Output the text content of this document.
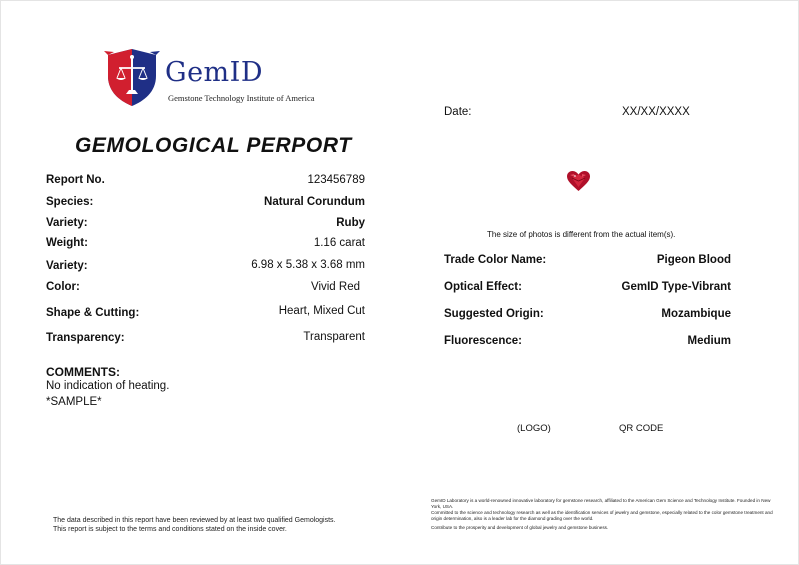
GemID
Gemstone Technology Institute of America
GEMOLOGICAL PERPORT
Report No.	123456789
Species:	Natural Corundum
Variety:	Ruby
Weight:	1.16 carat
Variety:	6.98 x 5.38 x 3.68 mm
Color:	Vivid Red
Shape & Cutting:	Heart, Mixed Cut
Transparency:	Transparent
COMMENTS:
No indication of heating.
*SAMPLE*
The data described in this report have been reviewed by at least two qualified Gemologists.
This report is subject to the terms and conditions stated on the inside cover.
Date:	XX/XX/XXXX
The size of photos is different from the actual item(s).
Trade Color Name:	Pigeon Blood
Optical Effect:	GemID Type-Vibrant
Suggested Origin:	Mozambique
Fluorescence:	Medium
(LOGO)	QR CODE
GemID Laboratory is a world-renowned innovative laboratory for gemstone research, affiliated to the American Gem Science and Technology Institute. Founded in New York, USA.
Committed to the science and technology research as well as the identification services of jewelry and gemstone, especially related to the color gemstone treatment and origin determination, also is a leader lab for the diamond grading over the world.
Contribute to the prosperity and development of global jewelry and gemstone business.
